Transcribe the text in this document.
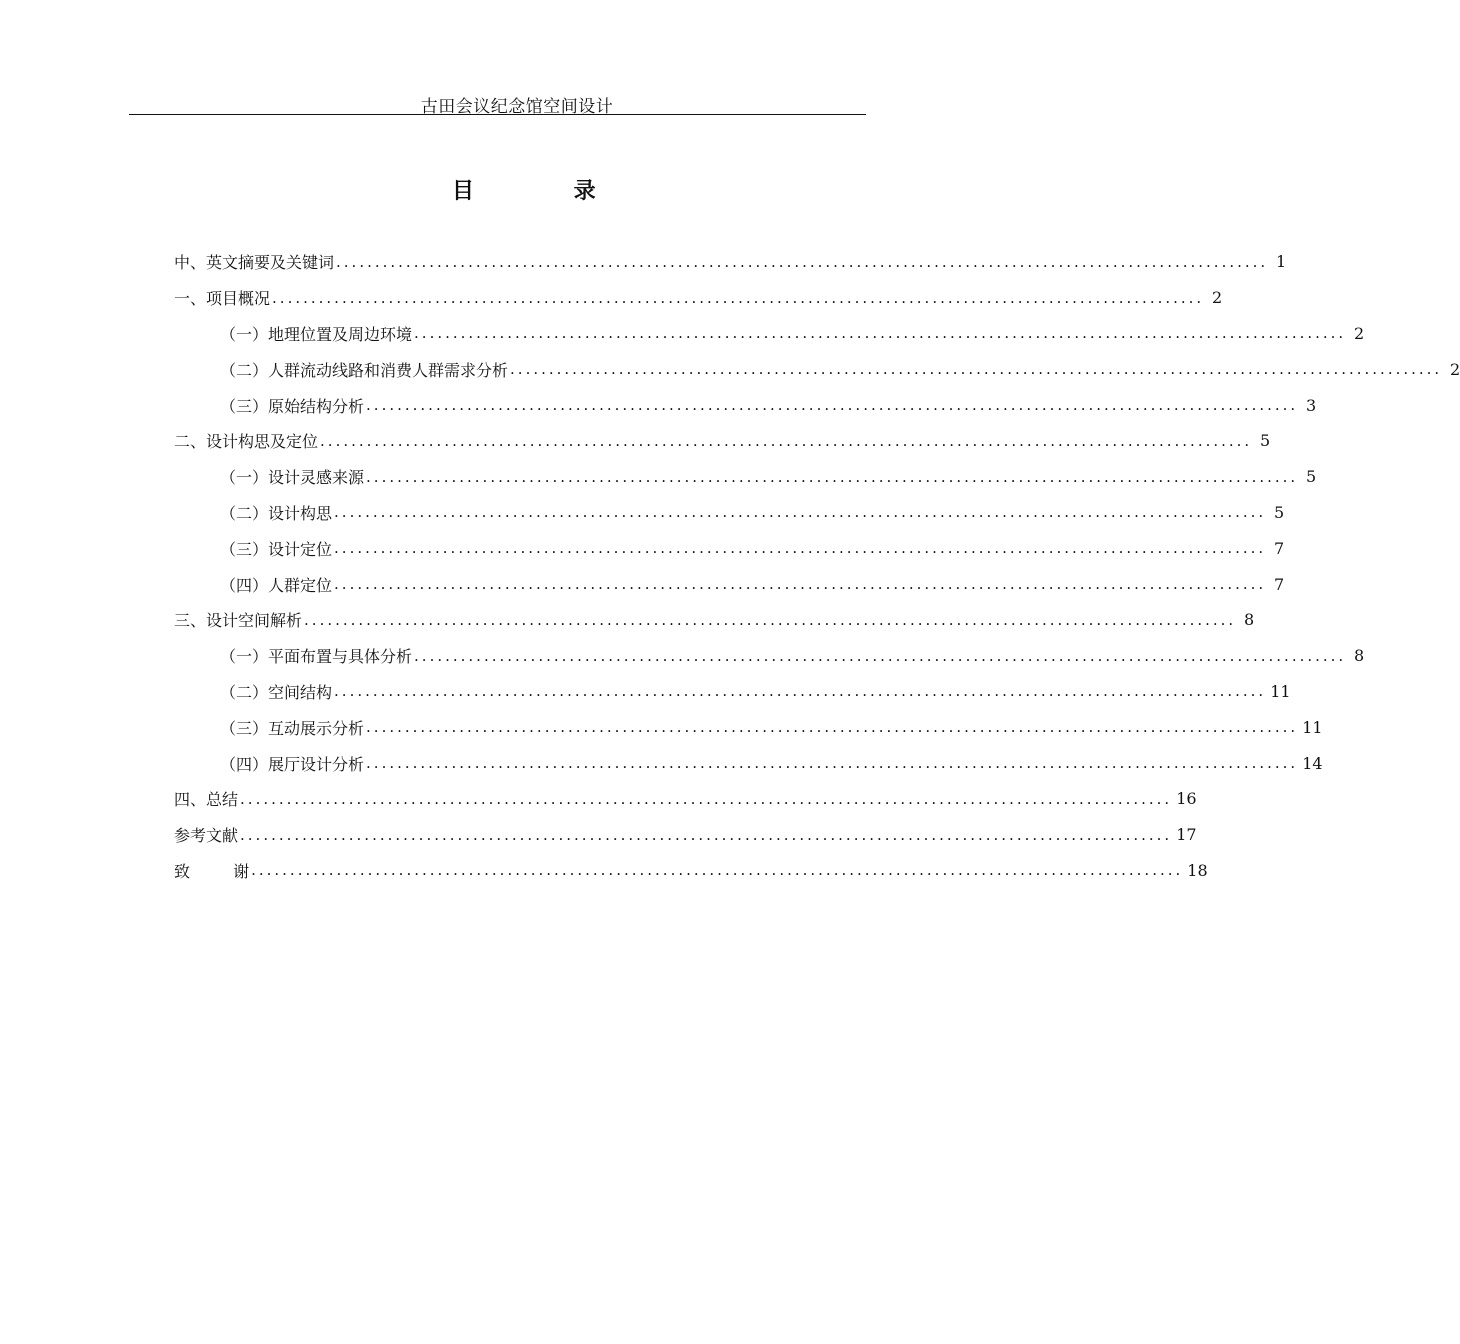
古田会议纪念馆空间设计
目 录
中、英文摘要及关键词 ........................................................................................................................ 1
一、 项目概况 ........................................................................................................................ 2
（一） 地理位置及周边环境 ........................................................................................................................ 2
（二） 人群流动线路和消费人群需求分析 ........................................................................................................................ 2
（三） 原始结构分析 ........................................................................................................................ 3
二、 设计构思及定位 ........................................................................................................................ 5
（一） 设计灵感来源 ........................................................................................................................ 5
（二） 设计构思 ........................................................................................................................ 5
（三） 设计定位 ........................................................................................................................ 7
（四） 人群定位 ........................................................................................................................ 7
三、 设计空间解析 ........................................................................................................................ 8
（一） 平面布置与具体分析 ........................................................................................................................ 8
（二） 空间结构 ........................................................................................................................ 11
（三） 互动展示分析 ........................................................................................................................ 11
（四） 展厅设计分析 ........................................................................................................................ 14
四、 总结 ........................................................................................................................ 16
参考文献 ........................................................................................................................ 17
致 谢 ........................................................................................................................ 18
